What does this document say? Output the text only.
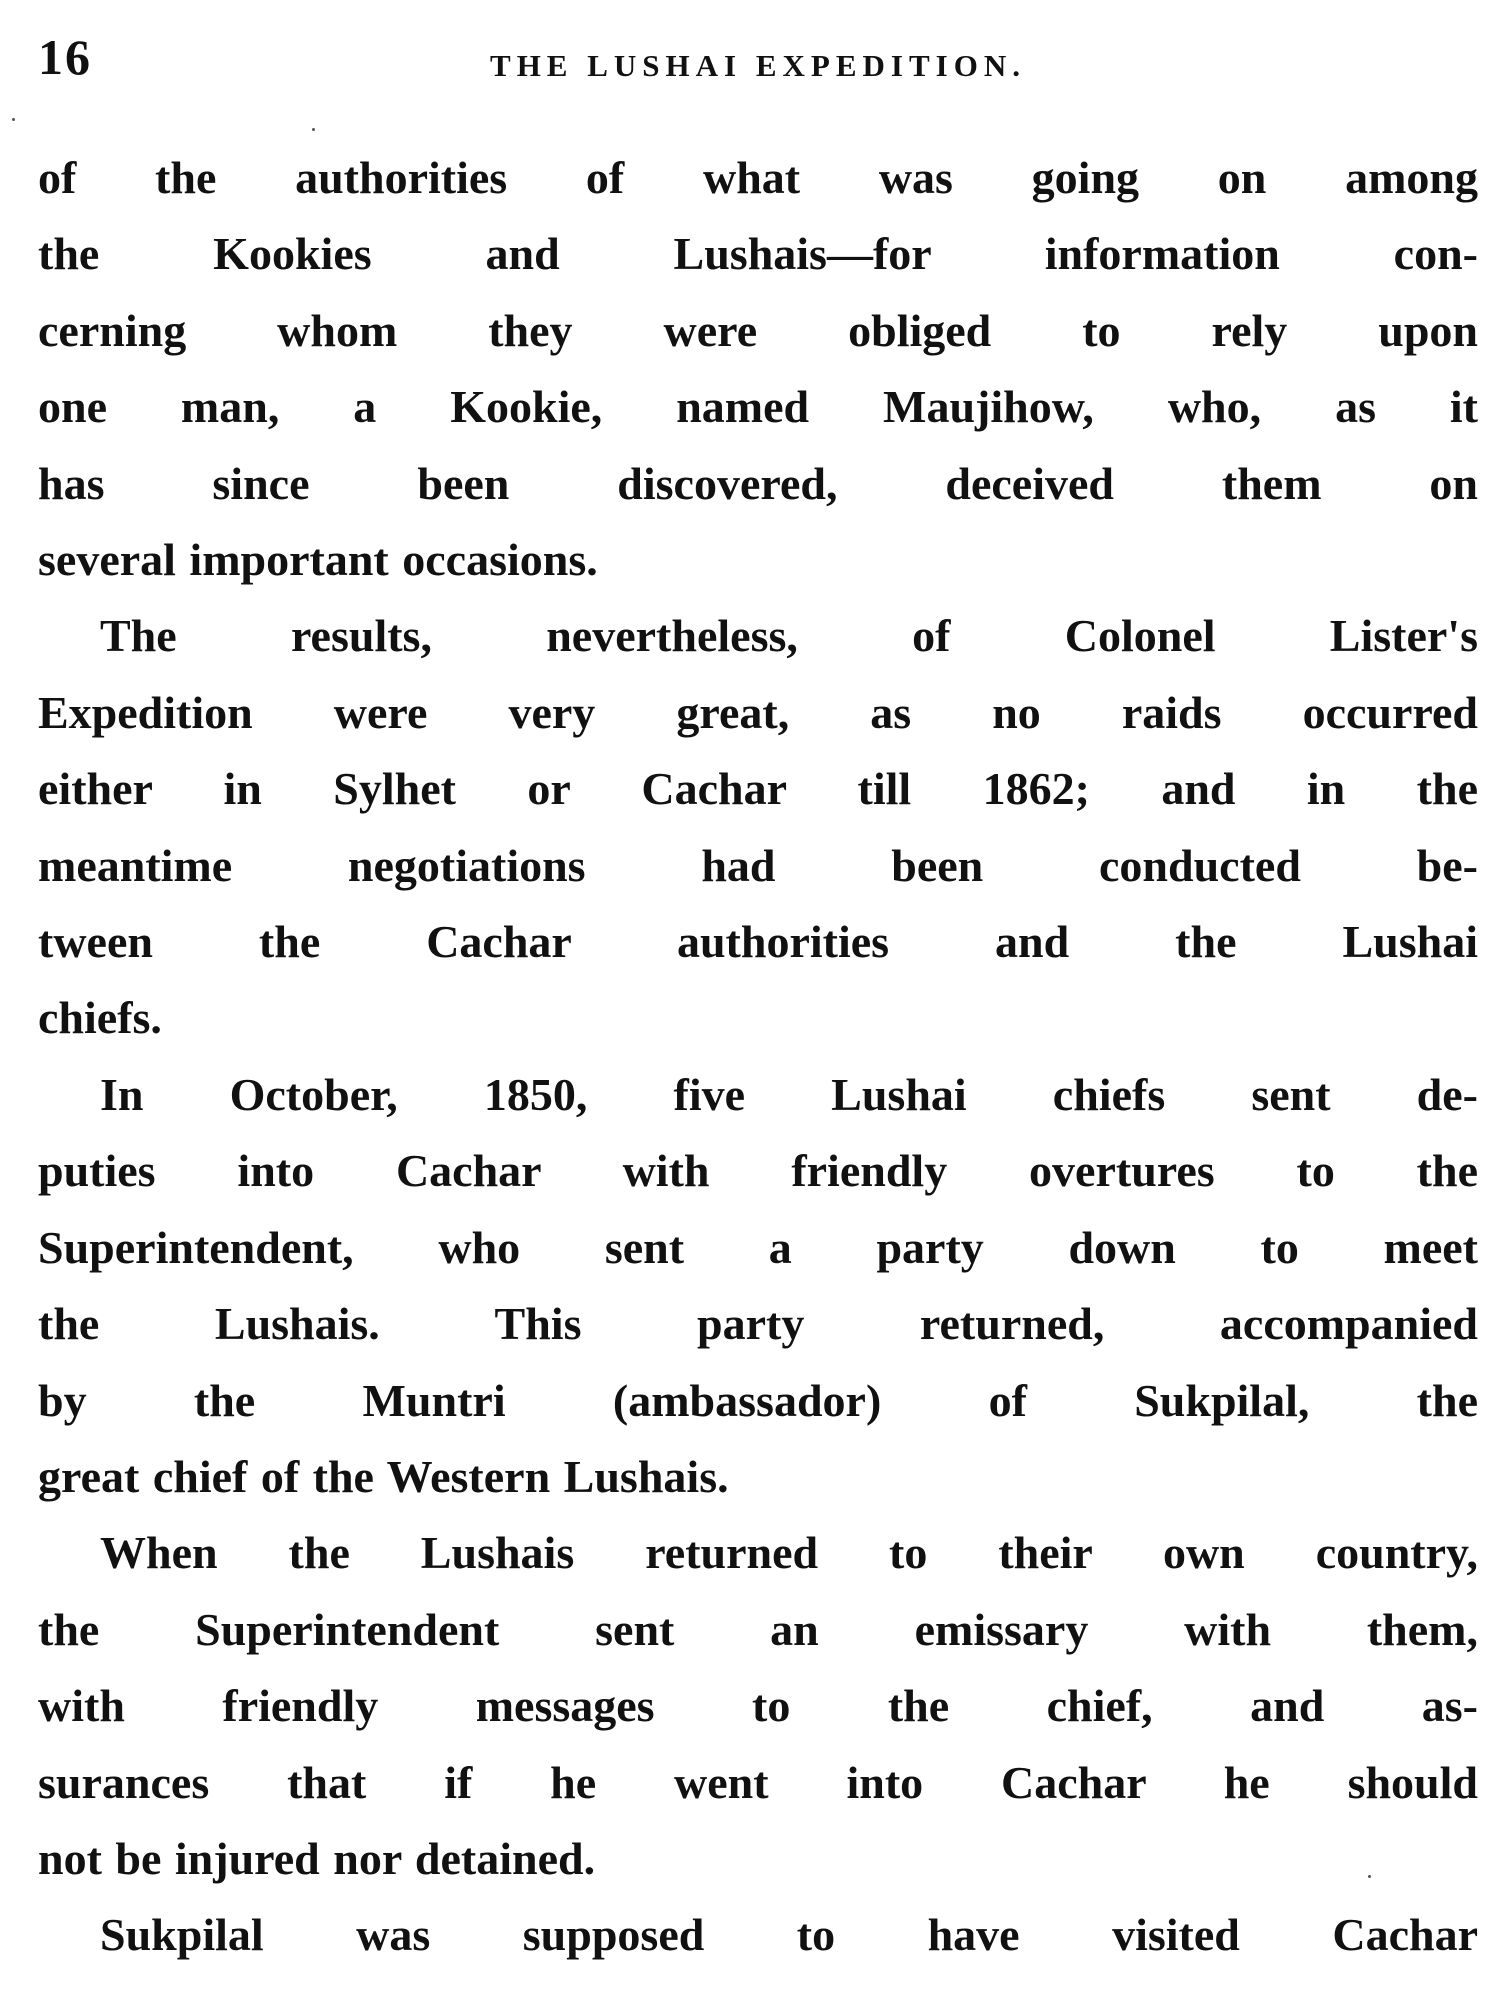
16	THE LUSHAI EXPEDITION.

of the authorities of what was going on among

the Kookies and Lushais—for information con-

cerning whom they were obliged to rely upon

one man, a Kookie, named Maujihow, who, as it

has since been discovered, deceived them on

several important occasions.

The results, nevertheless, of Colonel Lister's

Expedition were very great, as no raids occurred

either in Sylhet or Cachar till 1862; and in the

meantime negotiations had been conducted be-

tween the Cachar authorities and the Lushai

chiefs.

In October, 1850, five Lushai chiefs sent de-

puties into Cachar with friendly overtures to the

Superintendent, who sent a party down to meet

the Lushais. This party returned, accompanied

by the Muntri (ambassador) of Sukpilal, the

great chief of the Western Lushais.

When the Lushais returned to their own country,

the Superintendent sent an emissary with them,

with friendly messages to the chief, and as-

surances that if he went into Cachar he should

not be injured nor detained.

Sukpilal was supposed to have visited Cachar
